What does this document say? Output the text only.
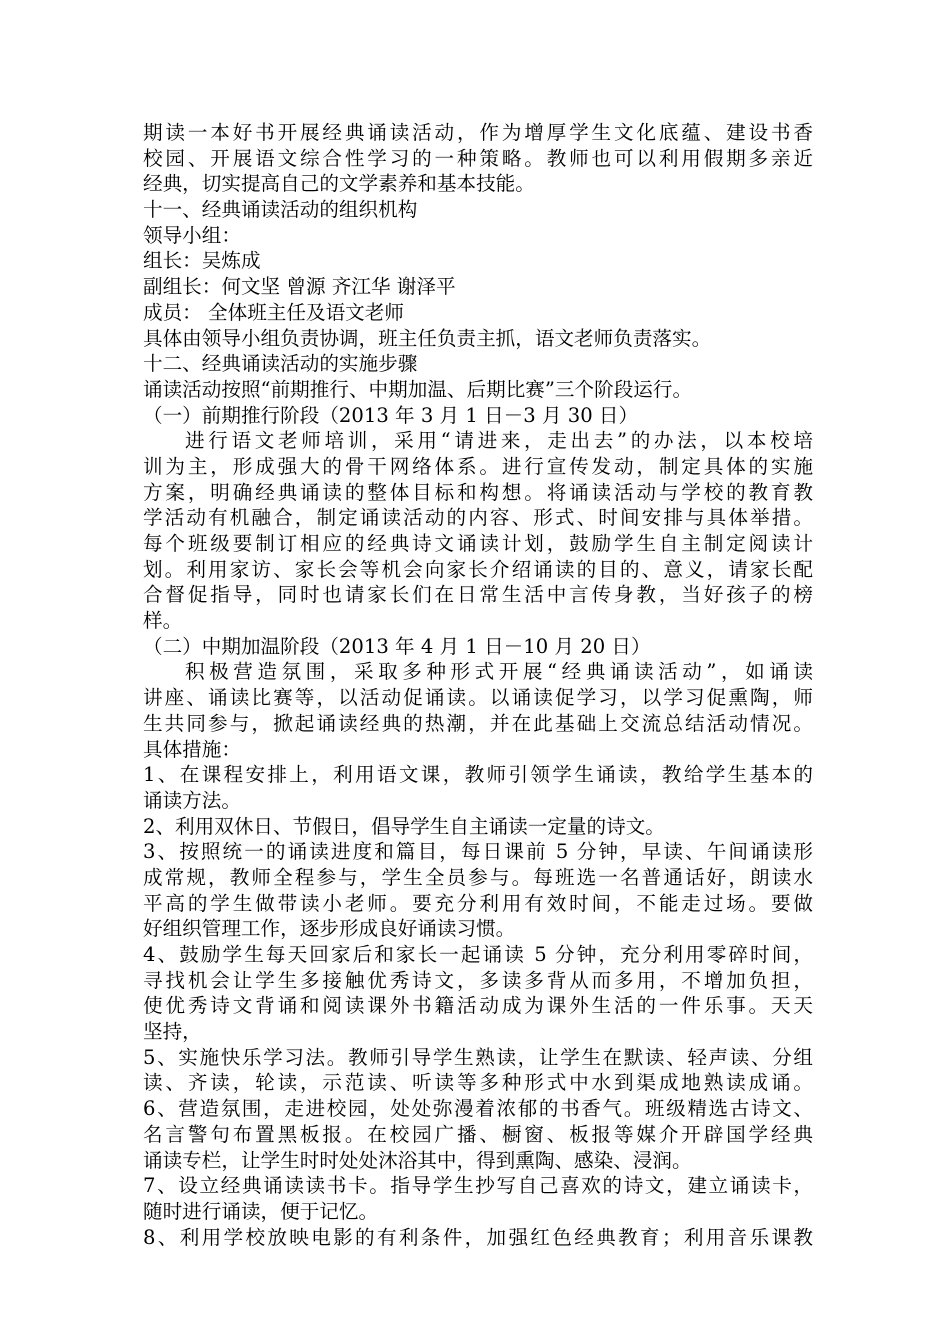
期读一本好书开展经典诵读活动，作为增厚学生文化底蕴、建设书香
校园、开展语文综合性学习的一种策略。教师也可以利用假期多亲近
经典，切实提高自己的文学素养和基本技能。
十一、经典诵读活动的组织机构
领导小组：
组长：吴炼成
副组长：何文坚 曾源 齐江华 谢泽平
成员： 全体班主任及语文老师
具体由领导小组负责协调，班主任负责主抓，语文老师负责落实。
十二、经典诵读活动的实施步骤
诵读活动按照“前期推行、中期加温、后期比赛”三个阶段运行。
（一）前期推行阶段（2013 年 3 月 1 日－3 月 30 日）
进行语文老师培训，采用“请进来，走出去”的办法，以本校培
训为主，形成强大的骨干网络体系。进行宣传发动，制定具体的实施
方案，明确经典诵读的整体目标和构想。将诵读活动与学校的教育教
学活动有机融合，制定诵读活动的内容、形式、时间安排与具体举措。
每个班级要制订相应的经典诗文诵读计划，鼓励学生自主制定阅读计
划。利用家访、家长会等机会向家长介绍诵读的目的、意义，请家长配
合督促指导，同时也请家长们在日常生活中言传身教，当好孩子的榜
样。
（二）中期加温阶段（2013 年 4 月 1 日－10 月 20 日）
积极营造氛围，采取多种形式开展“经典诵读活动”，如诵读
讲座、诵读比赛等，以活动促诵读。以诵读促学习，以学习促熏陶，师
生共同参与，掀起诵读经典的热潮，并在此基础上交流总结活动情况。
具体措施：
1、在课程安排上，利用语文课，教师引领学生诵读，教给学生基本的
诵读方法。
2、利用双休日、节假日，倡导学生自主诵读一定量的诗文。
3、按照统一的诵读进度和篇目，每日课前 5 分钟，早读、午间诵读形
成常规，教师全程参与，学生全员参与。每班选一名普通话好，朗读水
平高的学生做带读小老师。要充分利用有效时间，不能走过场。要做
好组织管理工作，逐步形成良好诵读习惯。
4、鼓励学生每天回家后和家长一起诵读 5 分钟，充分利用零碎时间，
寻找机会让学生多接触优秀诗文，多读多背从而多用，不增加负担，
使优秀诗文背诵和阅读课外书籍活动成为课外生活的一件乐事。天天
坚持，
5、实施快乐学习法。教师引导学生熟读，让学生在默读、轻声读、分组
读、齐读，轮读，示范读、听读等多种形式中水到渠成地熟读成诵。
6、营造氛围，走进校园，处处弥漫着浓郁的书香气。班级精选古诗文、
名言警句布置黑板报。在校园广播、橱窗、板报等媒介开辟国学经典
诵读专栏，让学生时时处处沐浴其中，得到熏陶、感染、浸润。
7、设立经典诵读读书卡。指导学生抄写自己喜欢的诗文，建立诵读卡，
随时进行诵读，便于记忆。
8、利用学校放映电影的有利条件，加强红色经典教育；利用音乐课教
